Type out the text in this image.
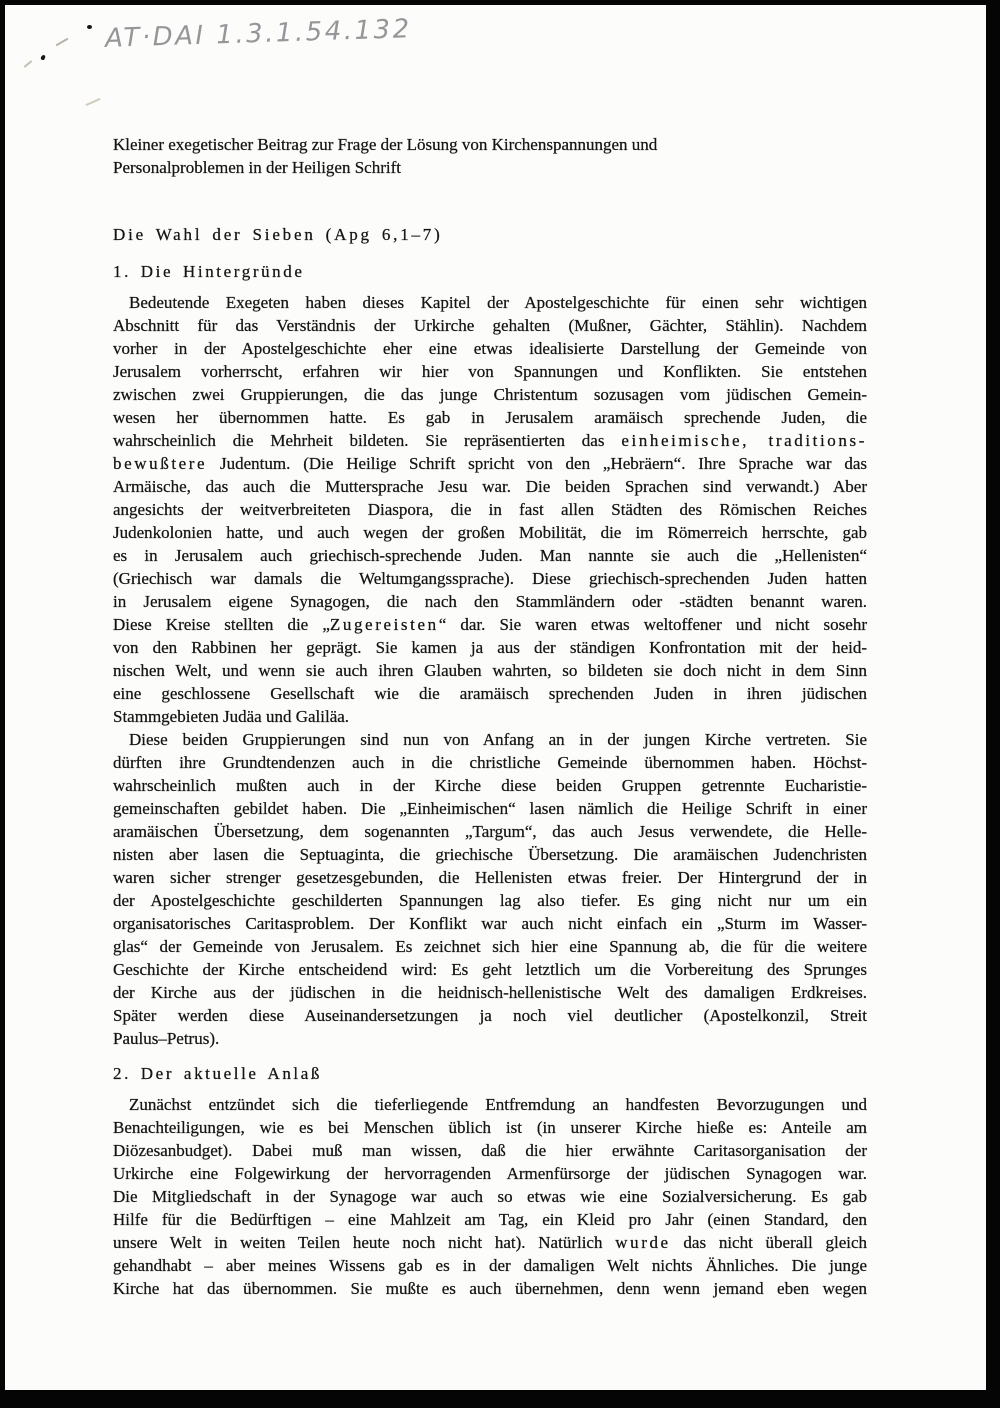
AT·DAI 1.3.1.54.132
Kleiner exegetischer Beitrag zur Frage der Lösung von Kirchenspannungen und
Personalproblemen in der Heiligen Schrift
Die Wahl der Sieben (Apg 6,1–7)
1. Die Hintergründe
Bedeutende Exegeten haben dieses Kapitel der Apostelgeschichte für einen sehr wichtigen
Abschnitt für das Verständnis der Urkirche gehalten (Mußner, Gächter, Stählin). Nachdem
vorher in der Apostelgeschichte eher eine etwas idealisierte Darstellung der Gemeinde von
Jerusalem vorherrscht, erfahren wir hier von Spannungen und Konflikten. Sie entstehen
zwischen zwei Gruppierungen, die das junge Christentum sozusagen vom jüdischen Gemein-
wesen her übernommen hatte. Es gab in Jerusalem aramäisch sprechende Juden, die
wahrscheinlich die Mehrheit bildeten. Sie repräsentierten das einheimische, traditions-
bewußtere Judentum. (Die Heilige Schrift spricht von den „Hebräern“. Ihre Sprache war das
Armäische, das auch die Muttersprache Jesu war. Die beiden Sprachen sind verwandt.) Aber
angesichts der weitverbreiteten Diaspora, die in fast allen Städten des Römischen Reiches
Judenkolonien hatte, und auch wegen der großen Mobilität, die im Römerreich herrschte, gab
es in Jerusalem auch griechisch-sprechende Juden. Man nannte sie auch die „Hellenisten“
(Griechisch war damals die Weltumgangssprache). Diese griechisch-sprechenden Juden hatten
in Jerusalem eigene Synagogen, die nach den Stammländern oder -städten benannt waren.
Diese Kreise stellten die „Zugereisten“ dar. Sie waren etwas weltoffener und nicht sosehr
von den Rabbinen her geprägt. Sie kamen ja aus der ständigen Konfrontation mit der heid-
nischen Welt, und wenn sie auch ihren Glauben wahrten, so bildeten sie doch nicht in dem Sinn
eine geschlossene Gesellschaft wie die aramäisch sprechenden Juden in ihren jüdischen
Stammgebieten Judäa und Galiläa.
Diese beiden Gruppierungen sind nun von Anfang an in der jungen Kirche vertreten. Sie
dürften ihre Grundtendenzen auch in die christliche Gemeinde übernommen haben. Höchst-
wahrscheinlich mußten auch in der Kirche diese beiden Gruppen getrennte Eucharistie-
gemeinschaften gebildet haben. Die „Einheimischen“ lasen nämlich die Heilige Schrift in einer
aramäischen Übersetzung, dem sogenannten „Targum“, das auch Jesus verwendete, die Helle-
nisten aber lasen die Septuaginta, die griechische Übersetzung. Die aramäischen Judenchristen
waren sicher strenger gesetzesgebunden, die Hellenisten etwas freier. Der Hintergrund der in
der Apostelgeschichte geschilderten Spannungen lag also tiefer. Es ging nicht nur um ein
organisatorisches Caritasproblem. Der Konflikt war auch nicht einfach ein „Sturm im Wasser-
glas“ der Gemeinde von Jerusalem. Es zeichnet sich hier eine Spannung ab, die für die weitere
Geschichte der Kirche entscheidend wird: Es geht letztlich um die Vorbereitung des Sprunges
der Kirche aus der jüdischen in die heidnisch-hellenistische Welt des damaligen Erdkreises.
Später werden diese Auseinandersetzungen ja noch viel deutlicher (Apostelkonzil, Streit
Paulus–Petrus).
2. Der aktuelle Anlaß
Zunächst entzündet sich die tieferliegende Entfremdung an handfesten Bevorzugungen und
Benachteiligungen, wie es bei Menschen üblich ist (in unserer Kirche hieße es: Anteile am
Diözesanbudget). Dabei muß man wissen, daß die hier erwähnte Caritasorganisation der
Urkirche eine Folgewirkung der hervorragenden Armenfürsorge der jüdischen Synagogen war.
Die Mitgliedschaft in der Synagoge war auch so etwas wie eine Sozialversicherung. Es gab
Hilfe für die Bedürftigen – eine Mahlzeit am Tag, ein Kleid pro Jahr (einen Standard, den
unsere Welt in weiten Teilen heute noch nicht hat). Natürlich wurde das nicht überall gleich
gehandhabt – aber meines Wissens gab es in der damaligen Welt nichts Ähnliches. Die junge
Kirche hat das übernommen. Sie mußte es auch übernehmen, denn wenn jemand eben wegen
